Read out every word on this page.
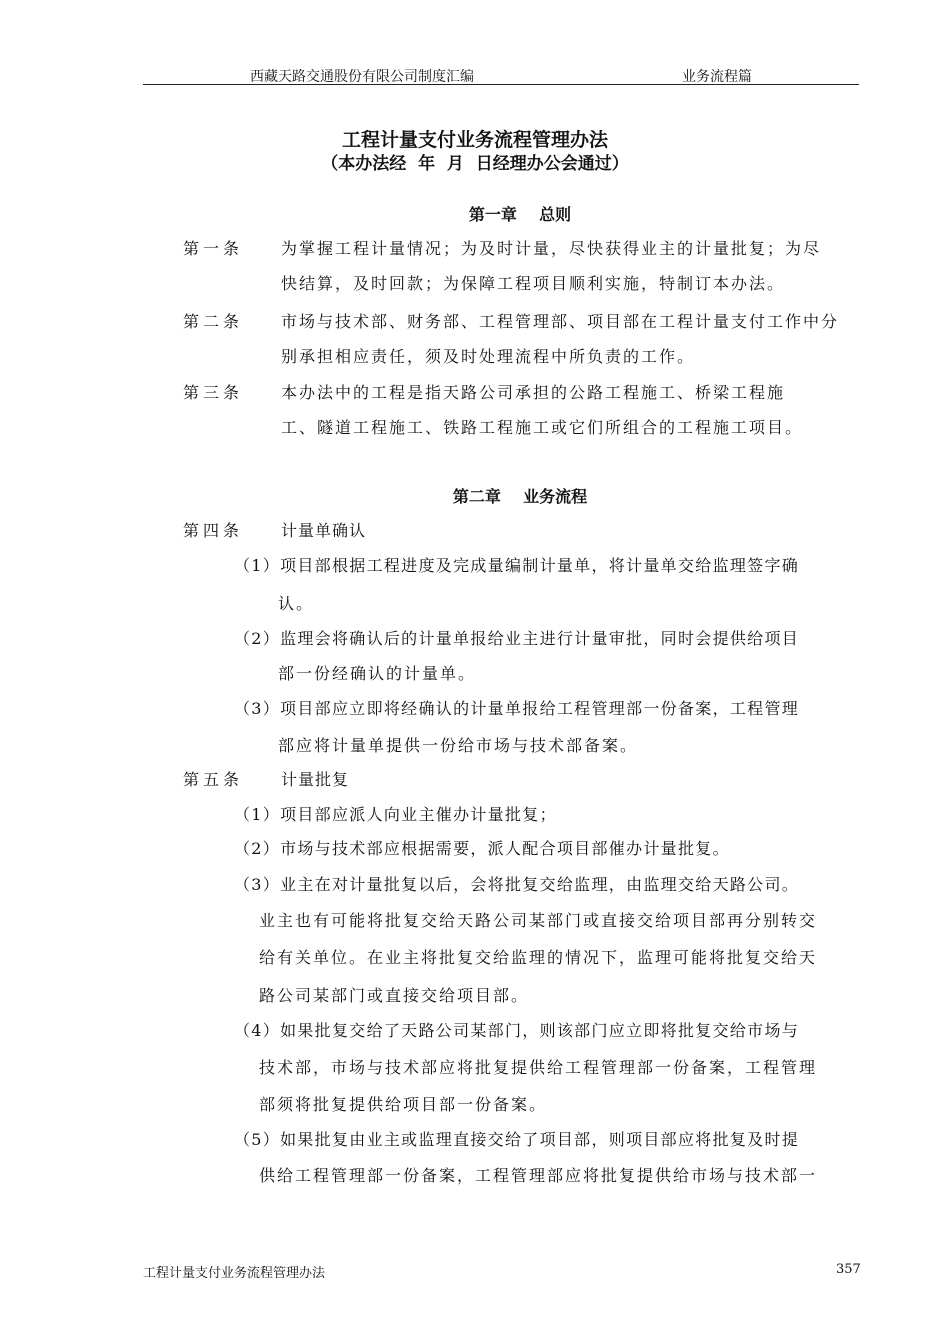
西藏天路交通股份有限公司制度汇编	业务流程篇
工程计量支付业务流程管理办法
（本办法经  年  月  日经理办公会通过）
第一章    总则
第一条 为掌握工程计量情况；为及时计量，尽快获得业主的计量批复；为尽
快结算，及时回款；为保障工程项目顺利实施，特制订本办法。
第二条 市场与技术部、财务部、工程管理部、项目部在工程计量支付工作中分
别承担相应责任，须及时处理流程中所负责的工作。
第三条 本办法中的工程是指天路公司承担的公路工程施工、桥梁工程施
工、隧道工程施工、铁路工程施工或它们所组合的工程施工项目。
第二章    业务流程
第四条 计量单确认
（1）项目部根据工程进度及完成量编制计量单，将计量单交给监理签字确
认。
（2）监理会将确认后的计量单报给业主进行计量审批，同时会提供给项目
部一份经确认的计量单。
（3）项目部应立即将经确认的计量单报给工程管理部一份备案，工程管理
部应将计量单提供一份给市场与技术部备案。
第五条 计量批复
（1）项目部应派人向业主催办计量批复；
（2）市场与技术部应根据需要，派人配合项目部催办计量批复。
（3）业主在对计量批复以后，会将批复交给监理，由监理交给天路公司。
业主也有可能将批复交给天路公司某部门或直接交给项目部再分别转交
给有关单位。在业主将批复交给监理的情况下，监理可能将批复交给天
路公司某部门或直接交给项目部。
（4）如果批复交给了天路公司某部门，则该部门应立即将批复交给市场与
技术部，市场与技术部应将批复提供给工程管理部一份备案，工程管理
部须将批复提供给项目部一份备案。
（5）如果批复由业主或监理直接交给了项目部，则项目部应将批复及时提
供给工程管理部一份备案，工程管理部应将批复提供给市场与技术部一
工程计量支付业务流程管理办法	357
